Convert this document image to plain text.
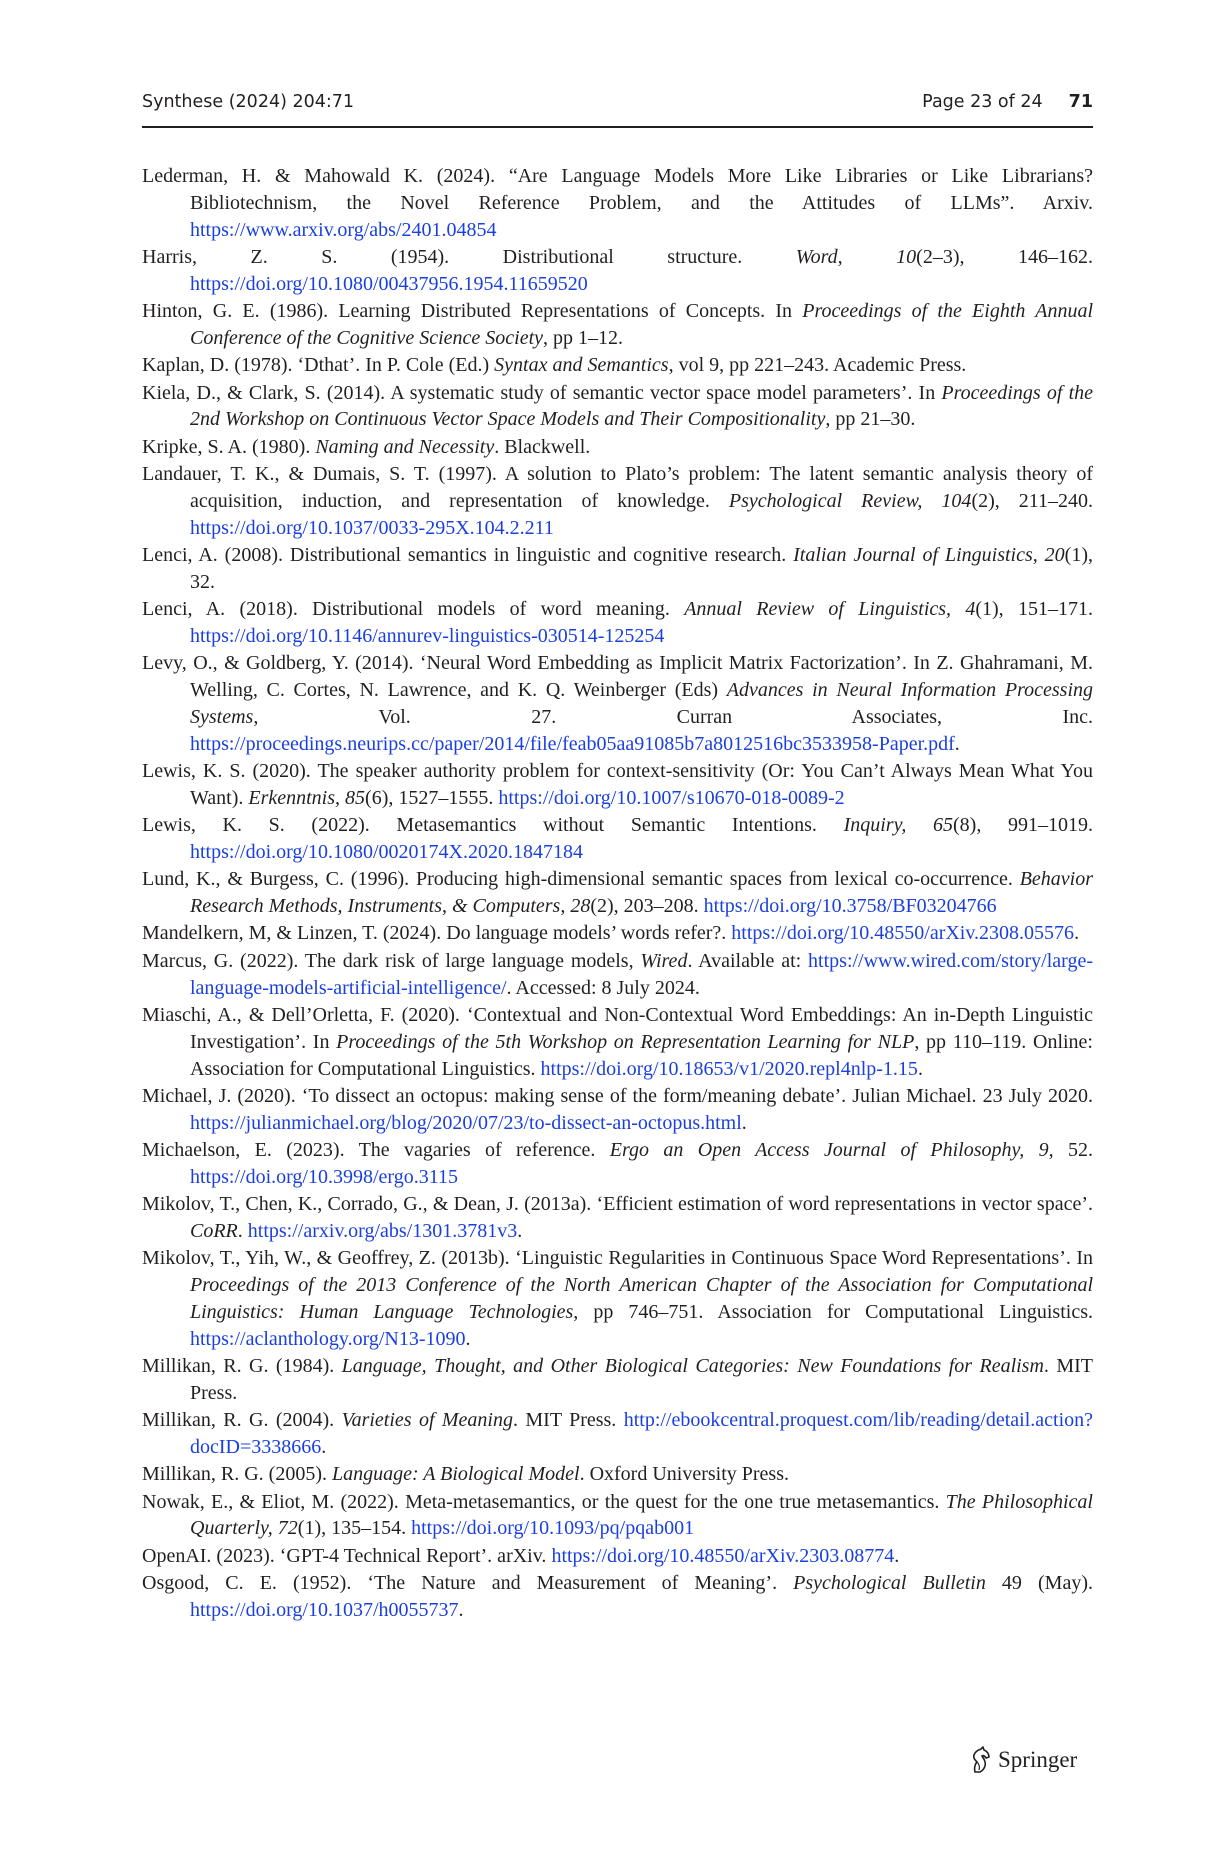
Synthese (2024) 204:71	Page 23 of 24 71
Lederman, H. & Mahowald K. (2024). “Are Language Models More Like Libraries or Like Librarians? Bibliotechnism, the Novel Reference Problem, and the Attitudes of LLMs”. Arxiv. https://www.arxiv.org/abs/2401.04854
Harris, Z. S. (1954). Distributional structure. Word, 10(2–3), 146–162. https://doi.org/10.1080/00437956.1954.11659520
Hinton, G. E. (1986). Learning Distributed Representations of Concepts. In Proceedings of the Eighth Annual Conference of the Cognitive Science Society, pp 1–12.
Kaplan, D. (1978). ‘Dthat’. In P. Cole (Ed.) Syntax and Semantics, vol 9, pp 221–243. Academic Press.
Kiela, D., & Clark, S. (2014). A systematic study of semantic vector space model parameters’. In Proceedings of the 2nd Workshop on Continuous Vector Space Models and Their Compositionality, pp 21–30.
Kripke, S. A. (1980). Naming and Necessity. Blackwell.
Landauer, T. K., & Dumais, S. T. (1997). A solution to Plato’s problem: The latent semantic analysis theory of acquisition, induction, and representation of knowledge. Psychological Review, 104(2), 211–240. https://doi.org/10.1037/0033-295X.104.2.211
Lenci, A. (2008). Distributional semantics in linguistic and cognitive research. Italian Journal of Linguistics, 20(1), 32.
Lenci, A. (2018). Distributional models of word meaning. Annual Review of Linguistics, 4(1), 151–171. https://doi.org/10.1146/annurev-linguistics-030514-125254
Levy, O., & Goldberg, Y. (2014). ‘Neural Word Embedding as Implicit Matrix Factorization’. In Z. Ghahramani, M. Welling, C. Cortes, N. Lawrence, and K. Q. Weinberger (Eds) Advances in Neural Information Processing Systems, Vol. 27. Curran Associates, Inc. https://proceedings.neurips.cc/paper/2014/file/feab05aa91085b7a8012516bc3533958-Paper.pdf.
Lewis, K. S. (2020). The speaker authority problem for context-sensitivity (Or: You Can’t Always Mean What You Want). Erkenntnis, 85(6), 1527–1555. https://doi.org/10.1007/s10670-018-0089-2
Lewis, K. S. (2022). Metasemantics without Semantic Intentions. Inquiry, 65(8), 991–1019. https://doi.org/10.1080/0020174X.2020.1847184
Lund, K., & Burgess, C. (1996). Producing high-dimensional semantic spaces from lexical co-occurrence. Behavior Research Methods, Instruments, & Computers, 28(2), 203–208. https://doi.org/10.3758/BF03204766
Mandelkern, M, & Linzen, T. (2024). Do language models’ words refer?. https://doi.org/10.48550/arXiv.2308.05576.
Marcus, G. (2022). The dark risk of large language models, Wired. Available at: https://www.wired.com/story/large-language-models-artificial-intelligence/. Accessed: 8 July 2024.
Miaschi, A., & Dell’Orletta, F. (2020). ‘Contextual and Non-Contextual Word Embeddings: An in-Depth Linguistic Investigation’. In Proceedings of the 5th Workshop on Representation Learning for NLP, pp 110–119. Online: Association for Computational Linguistics. https://doi.org/10.18653/v1/2020.repl4nlp-1.15.
Michael, J. (2020). ‘To dissect an octopus: making sense of the form/meaning debate’. Julian Michael. 23 July 2020. https://julianmichael.org/blog/2020/07/23/to-dissect-an-octopus.html.
Michaelson, E. (2023). The vagaries of reference. Ergo an Open Access Journal of Philosophy, 9, 52. https://doi.org/10.3998/ergo.3115
Mikolov, T., Chen, K., Corrado, G., & Dean, J. (2013a). ‘Efficient estimation of word representations in vector space’. CoRR. https://arxiv.org/abs/1301.3781v3.
Mikolov, T., Yih, W., & Geoffrey, Z. (2013b). ‘Linguistic Regularities in Continuous Space Word Representations’. In Proceedings of the 2013 Conference of the North American Chapter of the Association for Computational Linguistics: Human Language Technologies, pp 746–751. Association for Computational Linguistics. https://aclanthology.org/N13-1090.
Millikan, R. G. (1984). Language, Thought, and Other Biological Categories: New Foundations for Realism. MIT Press.
Millikan, R. G. (2004). Varieties of Meaning. MIT Press. http://ebookcentral.proquest.com/lib/reading/detail.action?docID=3338666.
Millikan, R. G. (2005). Language: A Biological Model. Oxford University Press.
Nowak, E., & Eliot, M. (2022). Meta-metasemantics, or the quest for the one true metasemantics. The Philosophical Quarterly, 72(1), 135–154. https://doi.org/10.1093/pq/pqab001
OpenAI. (2023). ‘GPT-4 Technical Report’. arXiv. https://doi.org/10.48550/arXiv.2303.08774.
Osgood, C. E. (1952). ‘The Nature and Measurement of Meaning’. Psychological Bulletin 49 (May). https://doi.org/10.1037/h0055737.
Springer
